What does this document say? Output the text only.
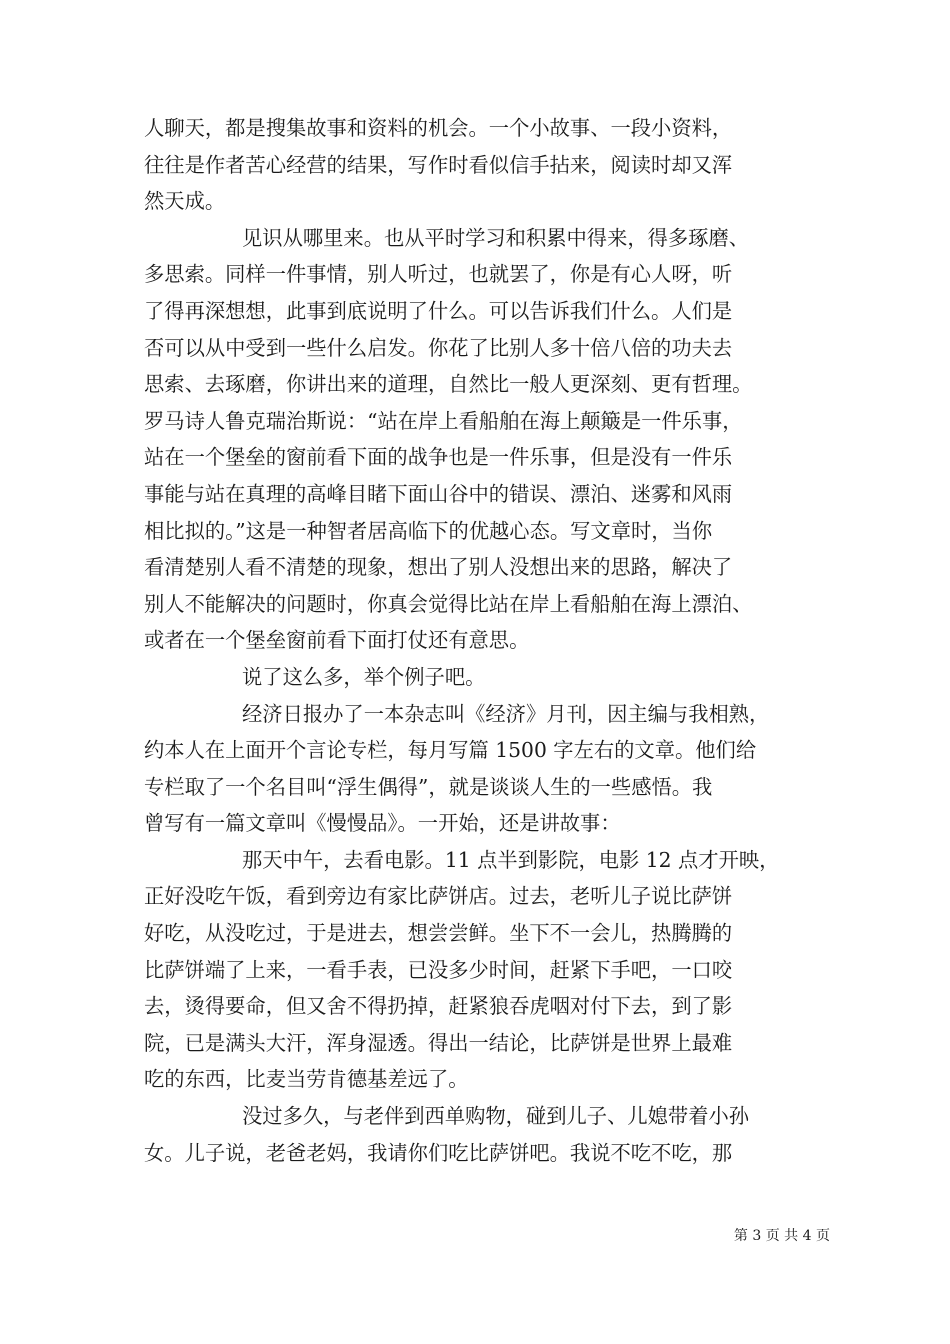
人聊天，都是搜集故事和资料的机会。一个小故事、一段小资料，
往往是作者苦心经营的结果，写作时看似信手拈来，阅读时却又浑
然天成。
见识从哪里来。也从平时学习和积累中得来，得多琢磨、
多思索。同样一件事情，别人听过，也就罢了，你是有心人呀，听
了得再深想想，此事到底说明了什么。可以告诉我们什么。人们是
否可以从中受到一些什么启发。你花了比别人多十倍八倍的功夫去
思索、去琢磨，你讲出来的道理，自然比一般人更深刻、更有哲理。
罗马诗人鲁克瑞治斯说：“站在岸上看船舶在海上颠簸是一件乐事，
站在一个堡垒的窗前看下面的战争也是一件乐事，但是没有一件乐
事能与站在真理的高峰目睹下面山谷中的错误、漂泊、迷雾和风雨
相比拟的。”这是一种智者居高临下的优越心态。写文章时，当你
看清楚别人看不清楚的现象，想出了别人没想出来的思路，解决了
别人不能解决的问题时，你真会觉得比站在岸上看船舶在海上漂泊、
或者在一个堡垒窗前看下面打仗还有意思。
说了这么多，举个例子吧。
经济日报办了一本杂志叫《经济》月刊，因主编与我相熟，
约本人在上面开个言论专栏，每月写篇 1500 字左右的文章。他们给
专栏取了一个名目叫“浮生偶得”，就是谈谈人生的一些感悟。我
曾写有一篇文章叫《慢慢品》。一开始，还是讲故事：
那天中午，去看电影。11 点半到影院，电影 12 点才开映，
正好没吃午饭，看到旁边有家比萨饼店。过去，老听儿子说比萨饼
好吃，从没吃过，于是进去，想尝尝鲜。坐下不一会儿，热腾腾的
比萨饼端了上来，一看手表，已没多少时间，赶紧下手吧，一口咬
去，烫得要命，但又舍不得扔掉，赶紧狼吞虎咽对付下去，到了影
院，已是满头大汗，浑身湿透。得出一结论，比萨饼是世界上最难
吃的东西，比麦当劳肯德基差远了。
没过多久，与老伴到西单购物，碰到儿子、儿媳带着小孙
女。儿子说，老爸老妈，我请你们吃比萨饼吧。我说不吃不吃，那
第 3 页 共 4 页
